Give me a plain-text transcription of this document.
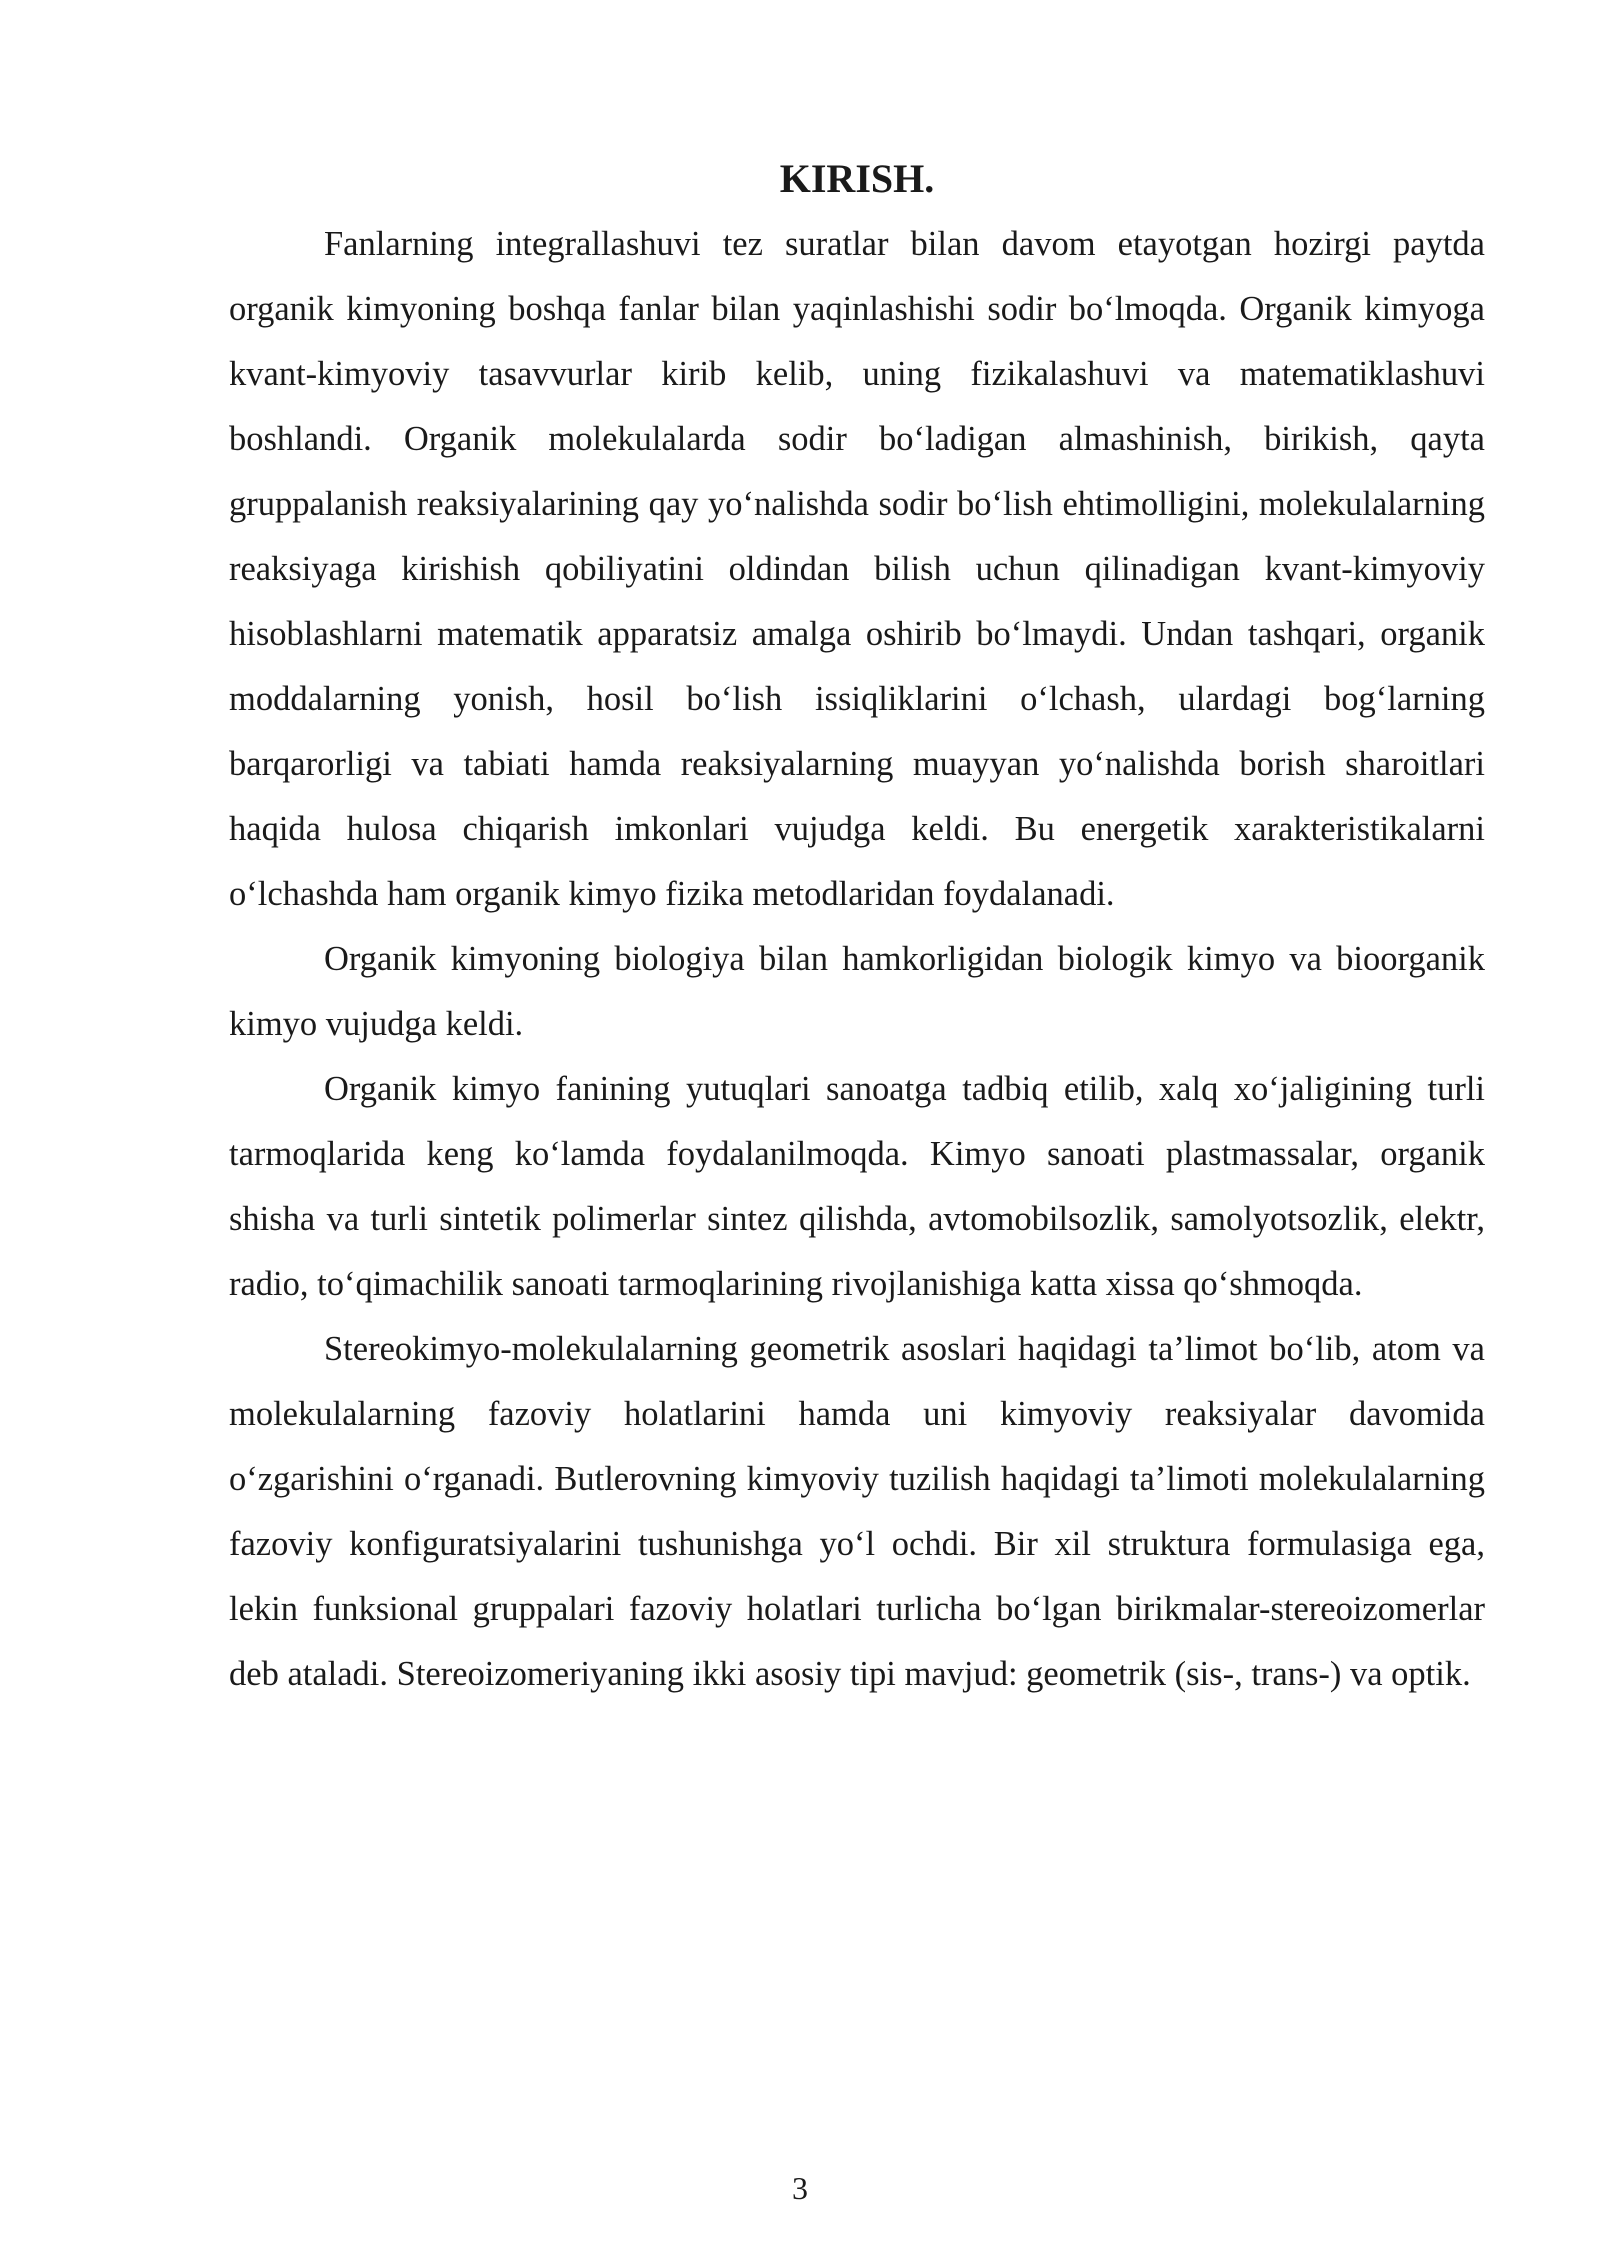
KIRISH.

Fanlarning integrallashuvi tez suratlar bilan davom etayotgan hozirgi paytda organik kimyoning boshqa fanlar bilan yaqinlashishi sodir bo‘lmoqda. Organik kimyoga kvant-kimyoviy tasavvurlar kirib kelib, uning fizikalashuvi va matematiklashuvi boshlandi. Organik molekulalarda sodir bo‘ladigan almashinish, birikish, qayta gruppalanish reaksiyalarining qay yo‘nalishda sodir bo‘lish ehtimolligini, molekulalarning reaksiyaga kirishish qobiliyatini oldindan bilish uchun qilinadigan kvant-kimyoviy hisoblashlarni matematik apparatsiz amalga oshirib bo‘lmaydi. Undan tashqari, organik moddalarning yonish, hosil bo‘lish issiqliklarini o‘lchash, ulardagi bog‘larning barqarorligi va tabiati hamda reaksiyalarning muayyan yo‘nalishda borish sharoitlari haqida hulosa chiqarish imkonlari vujudga keldi. Bu energetik xarakteristikalarni o‘lchashda ham organik kimyo fizika metodlaridan foydalanadi.

Organik kimyoning biologiya bilan hamkorligidan biologik kimyo va bioorganik kimyo vujudga keldi.

Organik kimyo fanining yutuqlari sanoatga tadbiq etilib, xalq xo‘jaligining turli tarmoqlarida keng ko‘lamda foydalanilmoqda. Kimyo sanoati plastmassalar, organik shisha va turli sintetik polimerlar sintez qilishda, avtomobilsozlik, samolyotsozlik, elektr, radio, to‘qimachilik sanoati tarmoqlarining rivojlanishiga katta xissa qo‘shmoqda.

Stereokimyo-molekulalarning geometrik asoslari haqidagi ta’limot bo‘lib, atom va molekulalarning fazoviy holatlarini hamda uni kimyoviy reaksiyalar davomida o‘zgarishini o‘rganadi. Butlerovning kimyoviy tuzilish haqidagi ta’limoti molekulalarning fazoviy konfiguratsiyalarini tushunishga yo‘l ochdi. Bir xil struktura formulasiga ega, lekin funksional gruppalari fazoviy holatlari turlicha bo‘lgan birikmalar-stereoizomerlar deb ataladi. Stereoizomeriyaning ikki asosiy tipi mavjud: geometrik (sis-, trans-) va optik.

3
